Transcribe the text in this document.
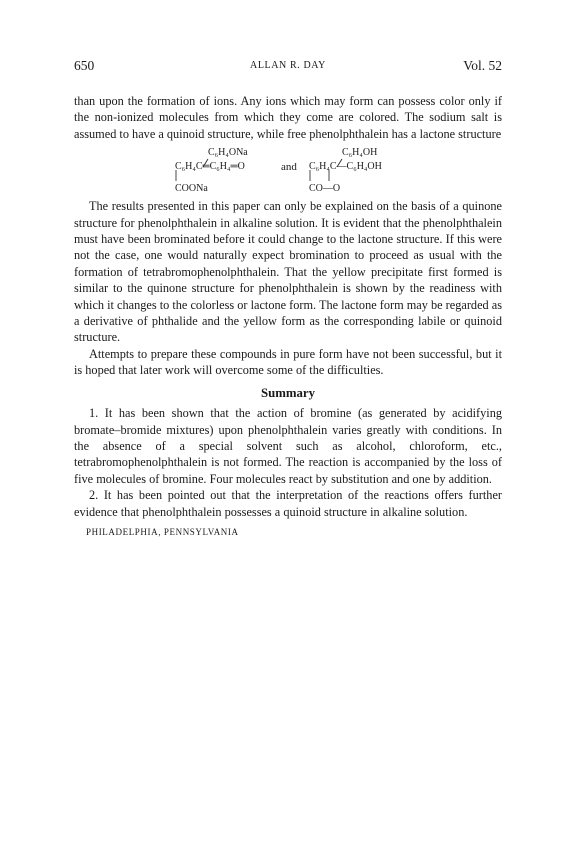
650	ALLAN R. DAY	Vol. 52

than upon the formation of ions. Any ions which may form can possess color only if the non-ionized molecules from which they come are colored. The sodium salt is assumed to have a quinoid structure, while free phenolphthalein has a lactone structure

C₆H₄ONa
C₆H₄C═C₆H₄═O
COONa
and
C₆H₄OH
C₆H₄C—C₆H₄OH
CO—O

The results presented in this paper can only be explained on the basis of a quinone structure for phenolphthalein in alkaline solution. It is evident that the phenolphthalein must have been brominated before it could change to the lactone structure. If this were not the case, one would naturally expect bromination to proceed as usual with the formation of tetrabromophenolphthalein. That the yellow precipitate first formed is similar to the quinone structure for phenolphthalein is shown by the readiness with which it changes to the colorless or lactone form. The lactone form may be regarded as a derivative of phthalide and the yellow form as the corresponding labile or quinoid structure.

Attempts to prepare these compounds in pure form have not been successful, but it is hoped that later work will overcome some of the difficulties.

Summary

1. It has been shown that the action of bromine (as generated by acidifying bromate–bromide mixtures) upon phenolphthalein varies greatly with conditions. In the absence of a special solvent such as alcohol, chloroform, etc., tetrabromophenolphthalein is not formed. The reaction is accompanied by the loss of five molecules of bromine. Four molecules react by substitution and one by addition.

2. It has been pointed out that the interpretation of the reactions offers further evidence that phenolphthalein possesses a quinoid structure in alkaline solution.

PHILADELPHIA, PENNSYLVANIA
